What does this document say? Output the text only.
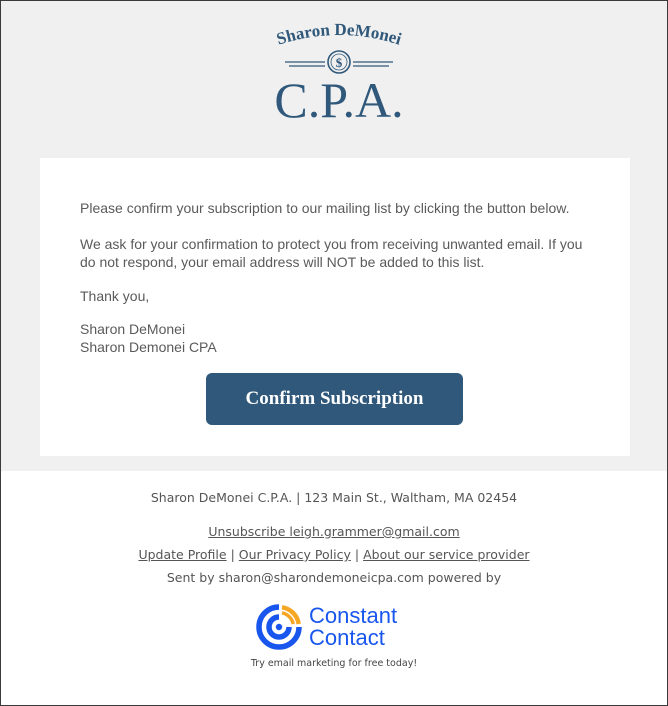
Sharon DeMonei
$
C.P.A.

Please confirm your subscription to our mailing list by clicking the button below.

We ask for your confirmation to protect you from receiving unwanted email. If you do not respond, your email address will NOT be added to this list.

Thank you,

Sharon DeMonei
Sharon Demonei CPA

Confirm Subscription
Sharon DeMonei C.P.A. | 123 Main St., Waltham, MA 02454
Unsubscribe leigh.grammer@gmail.com
Update Profile | Our Privacy Policy | About our service provider
Sent by sharon@sharondemoneicpa.com powered by
Constant
Contact
Try email marketing for free today!
